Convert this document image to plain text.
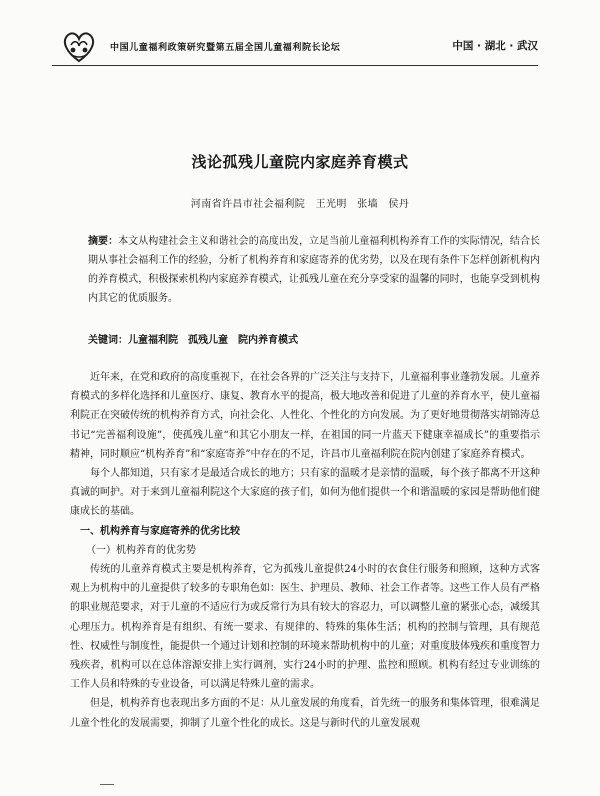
中国儿童福利政策研究暨第五届全国儿童福利院长论坛	中国 · 湖北 · 武汉
浅论孤残儿童院内家庭养育模式
河南省许昌市社会福利院　王光明　张墙　侯丹

摘要：本文从构建社会主义和谐社会的高度出发，立足当前儿童福利机构养育工作的实际情况，结合长期从事社会福利工作的经验，分析了机构养育和家庭寄养的优劣势，以及在现有条件下怎样创新机构内的养育模式，积极探索机构内家庭养育模式，让孤残儿童在充分享受家的温馨的同时，也能享受到机构内其它的优质服务。

关键词：儿童福利院　孤残儿童　院内养育模式

近年来，在党和政府的高度重视下，在社会各界的广泛关注与支持下，儿童福利事业蓬勃发展。儿童养育模式的多样化选择和儿童医疗、康复、教育水平的提高，极大地改善和促进了儿童的养育水平，使儿童福利院正在突破传统的机构养育方式，向社会化、人性化、个性化的方向发展。为了更好地贯彻落实胡锦涛总书记“完善福利设施”，使孤残儿童“和其它小朋友一样，在祖国的同一片蓝天下健康幸福成长”的重要指示精神，同时顺应“机构养育”和“家庭寄养”中存在的不足，许昌市儿童福利院在院内创建了家庭养育模式。

每个人都知道，只有家才是最适合成长的地方；只有家的温暖才是亲情的温暖，每个孩子都离不开这种真诚的呵护。对于来到儿童福利院这个大家庭的孩子们，如何为他们提供一个和谐温暖的家园是帮助他们健康成长的基础。

一、机构养育与家庭寄养的优劣比较

（一）机构养育的优劣势

传统的儿童养育模式主要是机构养育，它为孤残儿童提供24小时的衣食住行服务和照顾，这种方式客观上为机构中的儿童提供了较多的专职角色如：医生、护理员、教师、社会工作者等。这些工作人员有严格的职业规范要求，对于儿童的不适应行为或反常行为具有较大的容忍力，可以调整儿童的紧张心态，减缓其心理压力。机构养育是有组织、有统一要求、有规律的、特殊的集体生活；机构的控制与管理，具有规范性、权威性与制度性，能提供一个通过计划和控制的环境来帮助机构中的儿童；对重度肢体残疾和重度智力残疾者，机构可以在总体溶源安排上实行调剂，实行24小时的护理、监控和照顾。机构有经过专业训练的工作人员和特殊的专业设备，可以满足特殊儿童的需求。

但是，机构养育也表现出多方面的不足：从儿童发展的角度看，首先统一的服务和集体管理，很难满足儿童个性化的发展需要，抑制了儿童个性化的成长。这是与新时代的儿童发展观
